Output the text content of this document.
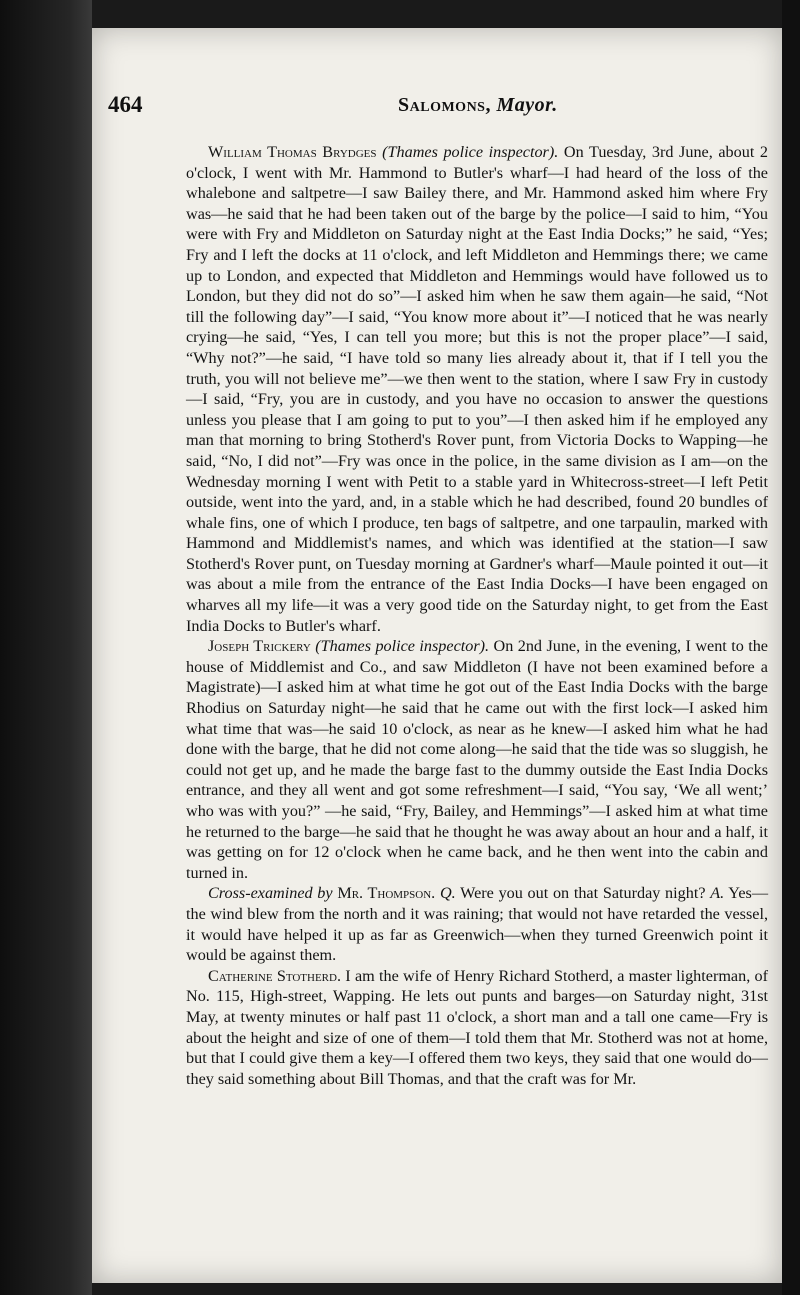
464	Salomons, Mayor.

William Thomas Brydges (Thames police inspector). On Tuesday, 3rd June, about 2 o'clock, I went with Mr. Hammond to Butler's wharf—I had heard of the loss of the whalebone and saltpetre—I saw Bailey there, and Mr. Hammond asked him where Fry was—he said that he had been taken out of the barge by the police—I said to him, “You were with Fry and Middleton on Saturday night at the East India Docks;” he said, “Yes; Fry and I left the docks at 11 o'clock, and left Middleton and Hemmings there; we came up to London, and expected that Middleton and Hemmings would have followed us to London, but they did not do so”—I asked him when he saw them again—he said, “Not till the following day”—I said, “You know more about it”—I noticed that he was nearly crying—he said, “Yes, I can tell you more; but this is not the proper place”—I said, “Why not?”—he said, “I have told so many lies already about it, that if I tell you the truth, you will not believe me”—we then went to the station, where I saw Fry in custody—I said, “Fry, you are in custody, and you have no occasion to answer the questions unless you please that I am going to put to you”—I then asked him if he employed any man that morning to bring Stotherd's Rover punt, from Victoria Docks to Wapping—he said, “No, I did not”—Fry was once in the police, in the same division as I am—on the Wednesday morning I went with Petit to a stable yard in Whitecross-street—I left Petit outside, went into the yard, and, in a stable which he had described, found 20 bundles of whale fins, one of which I produce, ten bags of saltpetre, and one tarpaulin, marked with Hammond and Middlemist's names, and which was identified at the station—I saw Stotherd's Rover punt, on Tuesday morning at Gardner's wharf—Maule pointed it out—it was about a mile from the entrance of the East India Docks—I have been engaged on wharves all my life—it was a very good tide on the Saturday night, to get from the East India Docks to Butler's wharf.

Joseph Trickery (Thames police inspector). On 2nd June, in the evening, I went to the house of Middlemist and Co., and saw Middleton (I have not been examined before a Magistrate)—I asked him at what time he got out of the East India Docks with the barge Rhodius on Saturday night—he said that he came out with the first lock—I asked him what time that was—he said 10 o'clock, as near as he knew—I asked him what he had done with the barge, that he did not come along—he said that the tide was so sluggish, he could not get up, and he made the barge fast to the dummy outside the East India Docks entrance, and they all went and got some refreshment—I said, “You say, ‘We all went;’ who was with you?” —he said, “Fry, Bailey, and Hemmings”—I asked him at what time he returned to the barge—he said that he thought he was away about an hour and a half, it was getting on for 12 o'clock when he came back, and he then went into the cabin and turned in.

Cross-examined by Mr. Thompson. Q. Were you out on that Saturday night? A. Yes—the wind blew from the north and it was raining; that would not have retarded the vessel, it would have helped it up as far as Greenwich—when they turned Greenwich point it would be against them.

Catherine Stotherd. I am the wife of Henry Richard Stotherd, a master lighterman, of No. 115, High-street, Wapping. He lets out punts and barges—on Saturday night, 31st May, at twenty minutes or half past 11 o'clock, a short man and a tall one came—Fry is about the height and size of one of them—I told them that Mr. Stotherd was not at home, but that I could give them a key—I offered them two keys, they said that one would do—they said something about Bill Thomas, and that the craft was for Mr.
